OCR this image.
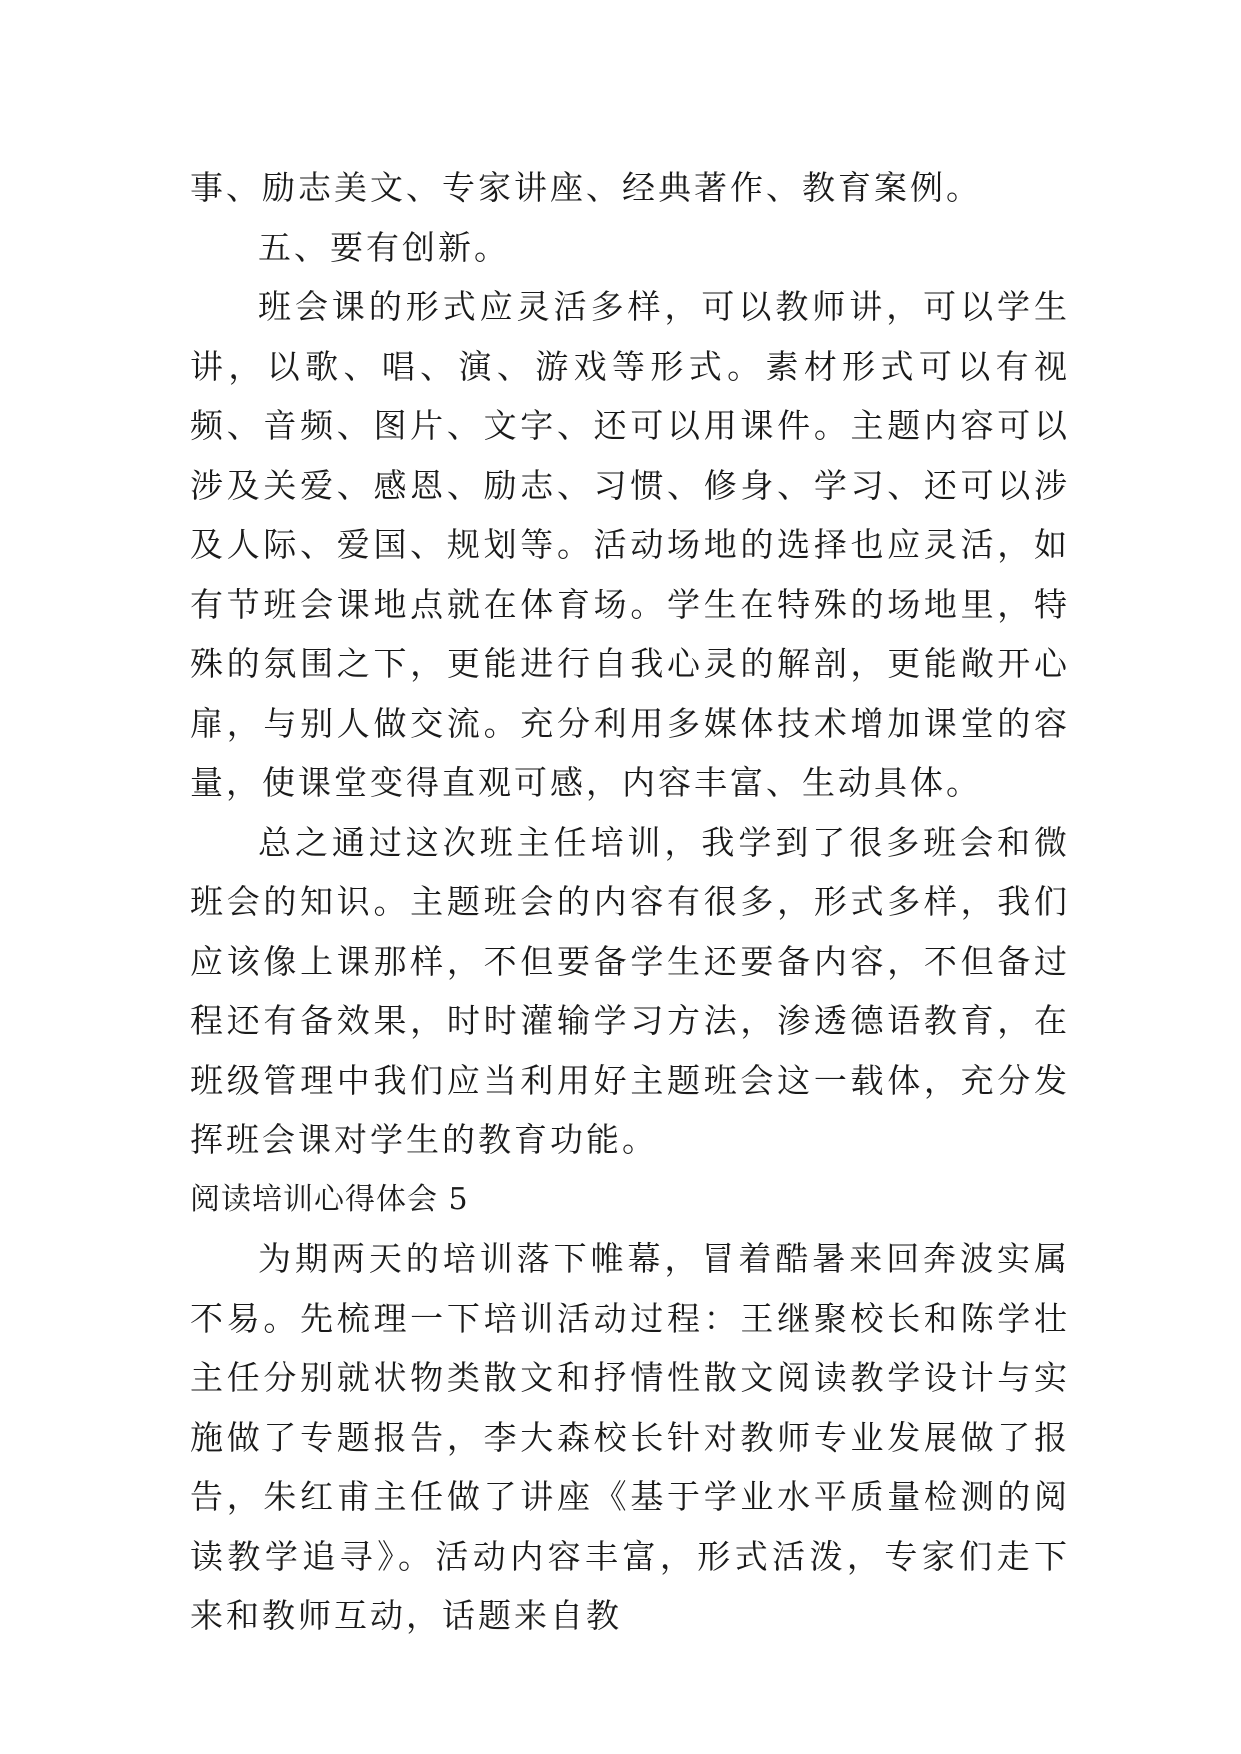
事、励志美文、专家讲座、经典著作、教育案例。

五、要有创新。

班会课的形式应灵活多样，可以教师讲，可以学生讲，以歌、唱、演、游戏等形式。素材形式可以有视频、音频、图片、文字、还可以用课件。主题内容可以涉及关爱、感恩、励志、习惯、修身、学习、还可以涉及人际、爱国、规划等。活动场地的选择也应灵活，如有节班会课地点就在体育场。学生在特殊的场地里，特殊的氛围之下，更能进行自我心灵的解剖，更能敞开心扉，与别人做交流。充分利用多媒体技术增加课堂的容量，使课堂变得直观可感，内容丰富、生动具体。

总之通过这次班主任培训，我学到了很多班会和微班会的知识。主题班会的内容有很多，形式多样，我们应该像上课那样，不但要备学生还要备内容，不但备过程还有备效果，时时灌输学习方法，渗透德语教育，在班级管理中我们应当利用好主题班会这一载体，充分发挥班会课对学生的教育功能。

阅读培训心得体会 5

为期两天的培训落下帷幕，冒着酷暑来回奔波实属不易。先梳理一下培训活动过程：王继聚校长和陈学壮主任分别就状物类散文和抒情性散文阅读教学设计与实施做了专题报告，李大森校长针对教师专业发展做了报告，朱红甫主任做了讲座《基于学业水平质量检测的阅读教学追寻》。活动内容丰富，形式活泼，专家们走下来和教师互动，话题来自教
